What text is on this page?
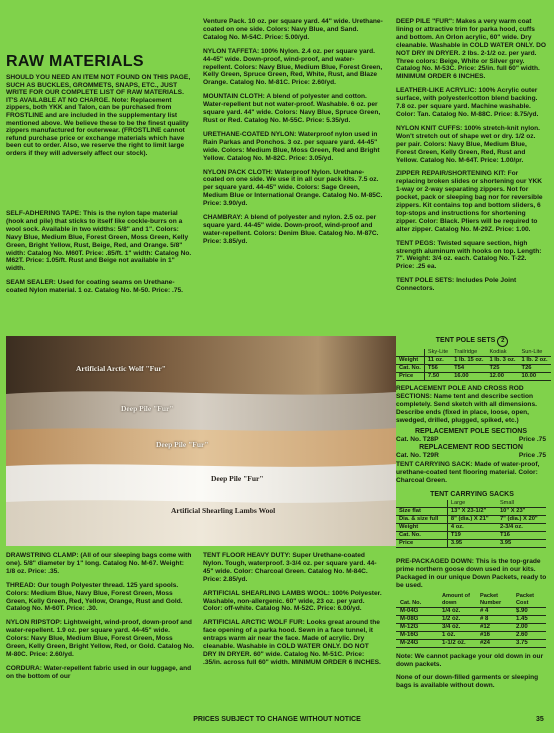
RAW MATERIALS
SHOULD YOU NEED AN ITEM NOT FOUND ON THIS PAGE, SUCH AS BUCKLES, GROMMETS, SNAPS, ETC., JUST WRITE FOR OUR COMPLETE LIST OF RAW MATERIALS. IT'S AVAILABLE AT NO CHARGE. Note: Replacement zippers, both YKK and Talon, can be purchased from FROSTLINE and are included in the supplementary list mentioned above. We believe these to be the finest quality zippers manufactured for outerwear. (FROSTLINE cannot refund purchase price or exchange materials which have been cut to order. Also, we reserve the right to limit large orders if they will adversely affect our stock).

SELF-ADHERING TAPE: This is the nylon tape material (hook and pile) that sticks to itself like cockle-burrs on a wool sock. Available in two widths: 5/8" and 1". Colors: Navy Blue, Medium Blue, Forest Green, Moss Green, Kelly Green, Bright Yellow, Rust, Beige, Red, and Orange. 5/8" width: Catalog No. M60T. Price: .85/ft. 1" width: Catalog No. M62T. Price: 1.05/ft. Rust and Beige not available in 1" width.

SEAM SEALER: Used for coating seams on Urethane-coated Nylon material. 1 oz. Catalog No. M-50. Price: .75.

Venture Pack. 10 oz. per square yard. 44" wide. Urethane-coated on one side. Colors: Navy Blue, and Sand. Catalog No. M-54C. Price: 5.00/yd.

NYLON TAFFETA: 100% Nylon. 2.4 oz. per square yard. 44-45" wide. Down-proof, wind-proof, and water-repellent. Colors: Navy Blue, Medium Blue, Forest Green, Kelly Green, Spruce Green, Red, White, Rust, and Blaze Orange. Catalog No. M-81C. Price: 2.60/yd.

MOUNTAIN CLOTH: A blend of polyester and cotton. Water-repellent but not water-proof. Washable. 6 oz. per square yard. 44" wide. Colors: Navy Blue, Spruce Green, Rust or Red. Catalog No. M-55C. Price: 5.35/yd.

URETHANE-COATED NYLON: Waterproof nylon used in Rain Parkas and Ponchos. 3 oz. per square yard. 44-45" wide. Colors: Medium Blue, Moss Green, Red and Bright Yellow. Catalog No. M-82C. Price: 3.05/yd.

NYLON PACK CLOTH: Waterproof Nylon. Urethane-coated on one side. We use it in all our pack kits. 7.5 oz. per square yard. 44-45" wide. Colors: Sage Green, Medium Blue or International Orange. Catalog No. M-85C. Price: 3.90/yd.

CHAMBRAY: A blend of polyester and nylon. 2.5 oz. per square yard. 44-45" wide. Down-proof, wind-proof and water-repellent. Colors: Denim Blue. Catalog No. M-87C. Price: 3.85/yd.

DEEP PILE "FUR": Makes a very warm coat lining or attractive trim for parka hood, cuffs and bottom. An Orlon acrylic, 60" wide. Dry cleanable. Washable in COLD WATER ONLY. DO NOT DRY IN DRYER. 2 lbs. 2-1/2 oz. per yard. Three colors: Beige, White or Silver grey. Catalog No. M-53C. Price: 25/in. full 60" width. MINIMUM ORDER 6 INCHES.

LEATHER-LIKE ACRYLIC: 100% Acrylic outer surface, with polyester/cotton blend backing. 7.8 oz. per square yard. Machine washable. Color: Tan. Catalog No. M-88C. Price: 8.75/yd.

NYLON KNIT CUFFS: 100% stretch-knit nylon. Won't stretch out of shape wet or dry. 1/2 oz. per pair. Colors: Navy Blue, Medium Blue, Forest Green, Kelly Green, Red, Rust and Yellow. Catalog No. M-64T. Price: 1.00/pr.

ZIPPER REPAIR/SHORTENING KIT: For replacing broken slides or shortening our YKK 1-way or 2-way separating zippers. Not for pocket, pack or sleeping bag nor for reversible zippers. Kit contains top and bottom sliders, 6 top-stops and instructions for shortening zipper. Color: Black. Pliers will be required to alter zipper. Catalog No. M-29Z. Price: 1.00.

TENT PEGS: Twisted square section, high strength aluminum with hooks on top. Length: 7". Weight: 3/4 oz. each. Catalog No. T-22. Price: .25 ea.

TENT POLE SETS: Includes Pole Joint Connectors.

Artificial Arctic Wolf "Fur"
Deep Pile "Fur"
Deep Pile "Fur"
Deep Pile "Fur"
Artificial Shearling Lambs Wool
TENT POLE SETS 2
	Sky-Lite	Trailridge	Kodiak	Sun-Lite
Weight	11 oz.	1 lb. 15 oz.	1 lb. 3 oz.	1 lb. 2 oz.
Cat. No.	T56	T54	T25	T26
Price	7.50	16.00	12.00	10.00

REPLACEMENT POLE AND CROSS ROD SECTIONS: Name tent and describe section completely. Send sketch with all dimensions. Describe ends (fixed in place, loose, open, swedged, drilled, plugged, spiked, etc.)

REPLACEMENT POLE SECTIONS
Cat. No. T28P	Price .75
REPLACEMENT ROD SECTION
Cat. No. T29R	Price .75

TENT CARRYING SACK: Made of water-proof, urethane-coated tent flooring material. Color: Charcoal Green.

TENT CARRYING SACKS
	Large	Small
Size flat	13" X 23-1/2"	10" X 23"
Dia. & size full	8" (dia.) X 21"	7" (dia.) X 20"
Weight	4 oz.	2-3/4 oz.
Cat. No.	T19	T16
Price	3.95	3.95

DRAWSTRING CLAMP: (All of our sleeping bags come with one). 5/8" diameter by 1" long. Catalog No. M-67. Weight: 1/8 oz. Price: .35.

THREAD: Our tough Polyester thread. 125 yard spools. Colors: Medium Blue, Navy Blue, Forest Green, Moss Green, Kelly Green, Red, Yellow, Orange, Rust and Gold. Catalog No. M-60T. Price: .30.

NYLON RIPSTOP: Lightweight, wind-proof, down-proof and water-repellent. 1.9 oz. per square yard. 44-45" wide. Colors: Navy Blue, Medium Blue, Forest Green, Moss Green, Kelly Green, Bright Yellow, Red, or Gold. Catalog No. M-80C. Price: 2.60/yd.

CORDURA: Water-repellent fabric used in our luggage, and on the bottom of our

TENT FLOOR HEAVY DUTY: Super Urethane-coated Nylon. Tough, waterproof. 3-3/4 oz. per square yard. 44-45" wide. Color: Charcoal Green. Catalog No. M-84C. Price: 2.85/yd.

ARTIFICIAL SHEARLING LAMBS WOOL: 100% Polyester. Washable, non-allergenic. 60" wide, 23 oz. per yard. Color: off-white. Catalog No. M-52C. Price: 6.00/yd.

ARTIFICIAL ARCTIC WOLF FUR: Looks great around the face opening of a parka hood. Sewn in a face tunnel, it entraps warm air near the face. Made of acrylic. Dry cleanable. Washable in COLD WATER ONLY. DO NOT DRY IN DRYER. 60" wide. Catalog No. M-51C. Price: .35/in. across full 60" width. MINIMUM ORDER 6 INCHES.

PRE-PACKAGED DOWN: This is the top-grade prime northern goose down used in our kits. Packaged in our unique Down Packets, ready to be used.

Cat. No.	Amount of down	Packet Number	Packet Cost
M-04G	1/4 oz.	# 4	$.90
M-08G	1/2 oz.	# 8	1.45
M-12G	3/4 oz.	#12	2.00
M-16G	1 oz.	#16	2.60
M-24G	1-1/2 oz.	#24	3.75

Note: We cannot package your old down in our down packets.

None of our down-filled garments or sleeping bags is available without down.

PRICES SUBJECT TO CHANGE WITHOUT NOTICE	35
